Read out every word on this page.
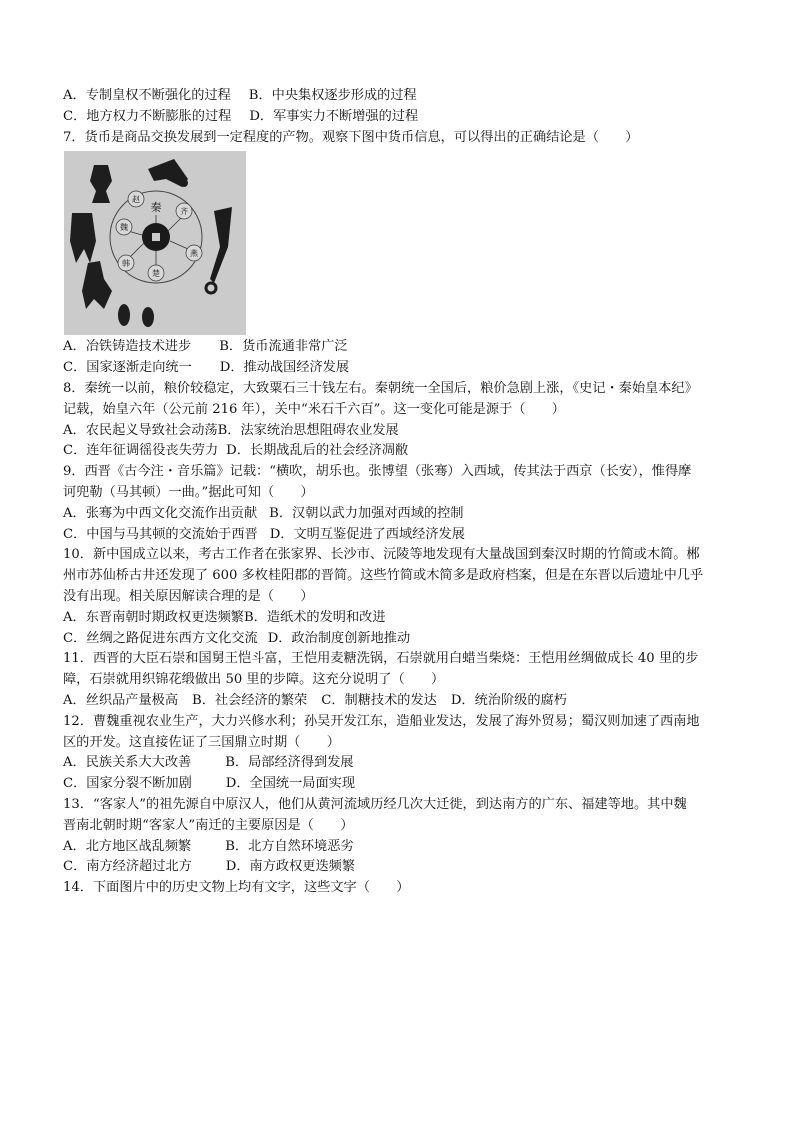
A．专制皇权不断强化的过程 B．中央集权逐步形成的过程
C．地方权力不断膨胀的过程 D．军事实力不断增强的过程
7．货币是商品交换发展到一定程度的产物。观察下图中货币信息，可以得出的正确结论是（　　）
秦 齐
燕
楚
韩
魏
赵
A．冶铁铸造技术进步 B．货币流通非常广泛
C．国家逐渐走向统一 D．推动战国经济发展
8．秦统一以前，粮价较稳定，大致粟石三十钱左右。秦朝统一全国后，粮价急剧上涨，《史记・秦始皇本纪》
记载，始皇六年（公元前 216 年），关中“米石千六百”。这一变化可能是源于（　　）
A．农民起义导致社会动荡B．法家统治思想阻碍农业发展
C．连年征调徭役丧失劳力 D．长期战乱后的社会经济凋敝
9．西晋《古今注・音乐篇》记载：“横吹，胡乐也。张博望（张骞）入西域，传其法于西京（长安），惟得摩
诃兜勒（马其顿）一曲。”据此可知（　　）
A．张骞为中西文化交流作出贡献 B．汉朝以武力加强对西域的控制
C．中国与马其顿的交流始于西晋 D．文明互鉴促进了西域经济发展
10．新中国成立以来，考古工作者在张家界、长沙市、沅陵等地发现有大量战国到秦汉时期的竹简或木简。郴
州市苏仙桥古井还发现了 600 多枚桂阳郡的晋简。这些竹简或木简多是政府档案，但是在东晋以后遗址中几乎
没有出现。相关原因解读合理的是（　　）
A．东晋南朝时期政权更迭频繁B．造纸术的发明和改进
C．丝绸之路促进东西方文化交流 D．政治制度创新地推动
11．西晋的大臣石崇和国舅王恺斗富，王恺用麦糖洗锅，石崇就用白蜡当柴烧：王恺用丝绸做成长 40 里的步
障，石崇就用织锦花缎做出 50 里的步障。这充分说明了（　　）
A．丝织品产量极高 B．社会经济的繁荣 C．制糖技术的发达 D．统治阶级的腐朽
12．曹魏重视农业生产，大力兴修水利；孙吴开发江东，造船业发达，发展了海外贸易；蜀汉则加速了西南地
区的开发。这直接佐证了三国鼎立时期（　　）
A．民族关系大大改善	B．局部经济得到发展
C．国家分裂不断加剧	D．全国统一局面实现
13．“客家人”的祖先源自中原汉人，他们从黄河流域历经几次大迁徙，到达南方的广东、福建等地。其中魏
晋南北朝时期“客家人”南迁的主要原因是（　　）
A．北方地区战乱频繁	B．北方自然环境恶劣
C．南方经济超过北方	D．南方政权更迭频繁
14．下面图片中的历史文物上均有文字，这些文字（　　）
